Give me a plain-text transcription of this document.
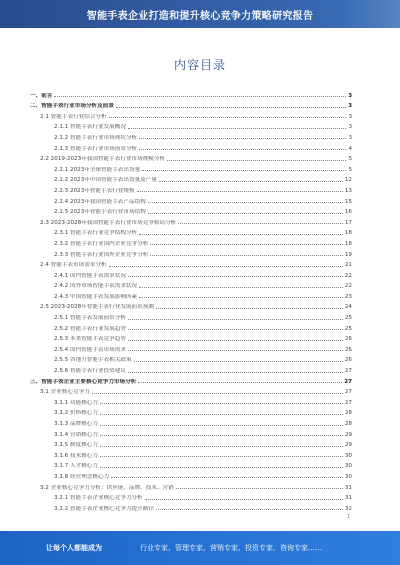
智能手表企业打造和提升核心竞争力策略研究报告
内容目录
一、前言	3
二、智能手表行业市场分析及前景	3
2.1 智能手表行业综合分析	3
2.1.1 智能手表行业发展概况	3
2.1.2 智能手表行业市场现状分析	3
2.1.3 智能手表行业市场前景分析	4
2.2 2019-2023年我国智能手表行业市场规模分析	5
2.2.1 2023年全球智能手表出货量	5
2.2.2 2023年中国智能手表出货量及产量	12
2.2.3 2023年智能手表行业规模	13
2.2.4 2023年我国智能手表产品结构	15
2.2.5 2023年智能手表行业市场结构	16
2.3 2023-2028年我国智能手表行业市场竞争格局分析	17
2.3.1 智能手表行业竞争结构分析	18
2.3.2 智能手表行业国内企业竞争分析	18
2.3.3 智能手表行业国外企业竞争分析	19
2.4 智能手表市场需求分析	21
2.4.1 国内智能手表需求状况	22
2.4.2 国外市场智能手表需求状况	22
2.4.3 中国智能手表发展影响因素	23
2.5 2023-2028年智能手表行业发展前景预测	24
2.5.1 智能手表发展前景分析	25
2.5.2 智能手表行业发展趋势	25
2.5.3 未来智能手表竞争趋势	26
2.5.4 国内智能手表市场需求	26
2.5.5 各地方智能手表相关政策	26
2.5.6 智能手表行业投资建议	27
三、智能手表企业主要核心竞争力市场分析	27
3.1 企业核心竞争力	27
3.1.1 功能核心力	27
3.1.2 价格核心力	28
3.1.3 品牌核心力	28
3.1.4 营销核心力	29
3.1.5 制度核心力	29
3.1.6 技术核心力	30
3.1.7 人才核心力	30
3.1.8 经营理念核心力	30
3.2 企业核心竞争力分析：供应链、品牌、技术、营销	31
3.2.1 智能手表企业核心竞争力分析	31
3.2.2 智能手表企业核心竞争力提升路径	32
1
让每个人都能成为	行业专家、管理专家、营销专家、投资专家、咨询专家……
